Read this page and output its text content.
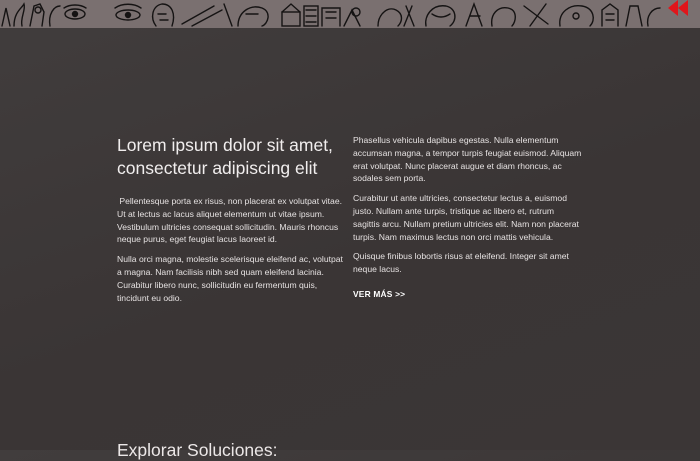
Lorem ipsum dolor sit amet, consectetur adipiscing elit

Pellentesque porta ex risus, non placerat ex volutpat vitae. Ut at lectus ac lacus aliquet elementum ut vitae ipsum. Vestibulum ultricies consequat sollicitudin. Mauris rhoncus neque purus, eget feugiat lacus laoreet id.

Nulla orci magna, molestie scelerisque eleifend ac, volutpat a magna. Nam facilisis nibh sed quam eleifend lacinia. Curabitur libero nunc, sollicitudin eu fermentum quis, tincidunt eu odio.

Phasellus vehicula dapibus egestas. Nulla elementum accumsan magna, a tempor turpis feugiat euismod. Aliquam erat volutpat. Nunc placerat augue et diam rhoncus, ac sodales sem porta.

Curabitur ut ante ultricies, consectetur lectus a, euismod justo. Nullam ante turpis, tristique ac libero et, rutrum sagittis arcu. Nullam pretium ultricies elit. Nam non placerat turpis. Nam maximus lectus non orci mattis vehicula.

Quisque finibus lobortis risus at eleifend. Integer sit amet neque lacus.

VER MÁS >>
Explorar Soluciones:
